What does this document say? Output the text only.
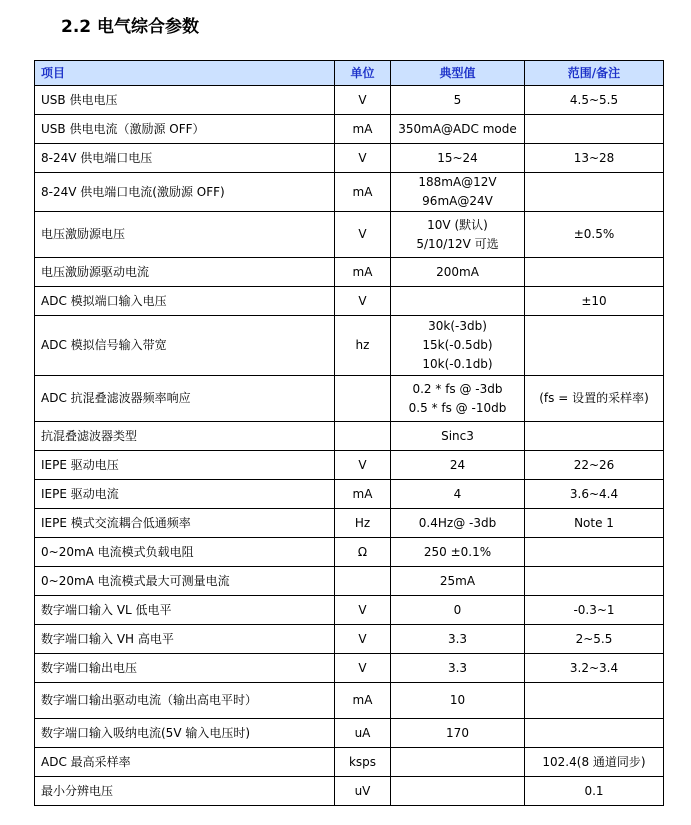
2.2 电气综合参数
项目	单位	典型值	范围/备注
USB 供电电压	V	5	4.5~5.5
USB 供电电流（激励源 OFF）	mA	350mA@ADC mode	

8-24V 供电端口电压	V	15~24	13~28
8-24V 供电端口电流(激励源 OFF)	mA	188mA@12V
96mA@24V	

电压激励源电压	V	10V (默认)
5/10/12V 可选	±0.5%
电压激励源驱动电流	mA	200mA	

ADC 模拟端口输入电压	V		±10
ADC 模拟信号输入带宽	hz	30k(-3db)
15k(-0.5db)
10k(-0.1db)	

ADC 抗混叠滤波器频率响应		0.2 * fs @ -3db
0.5 * fs @ -10db	(fs = 设置的采样率)
抗混叠滤波器类型		Sinc3	

IEPE 驱动电压	V	24	22~26
IEPE 驱动电流	mA	4	3.6~4.4
IEPE 模式交流耦合低通频率	Hz	0.4Hz@ -3db	Note 1
0~20mA 电流模式负载电阻	Ω	250 ±0.1%	

0~20mA 电流模式最大可测量电流		25mA	

数字端口输入 VL 低电平	V	0	-0.3~1
数字端口输入 VH 高电平	V	3.3	2~5.5
数字端口输出电压	V	3.3	3.2~3.4
数字端口输出驱动电流（输出高电平时）	mA	10	

数字端口输入吸纳电流(5V 输入电压时)	uA	170	

ADC 最高采样率	ksps		102.4(8 通道同步)
最小分辨电压	uV		0.1
